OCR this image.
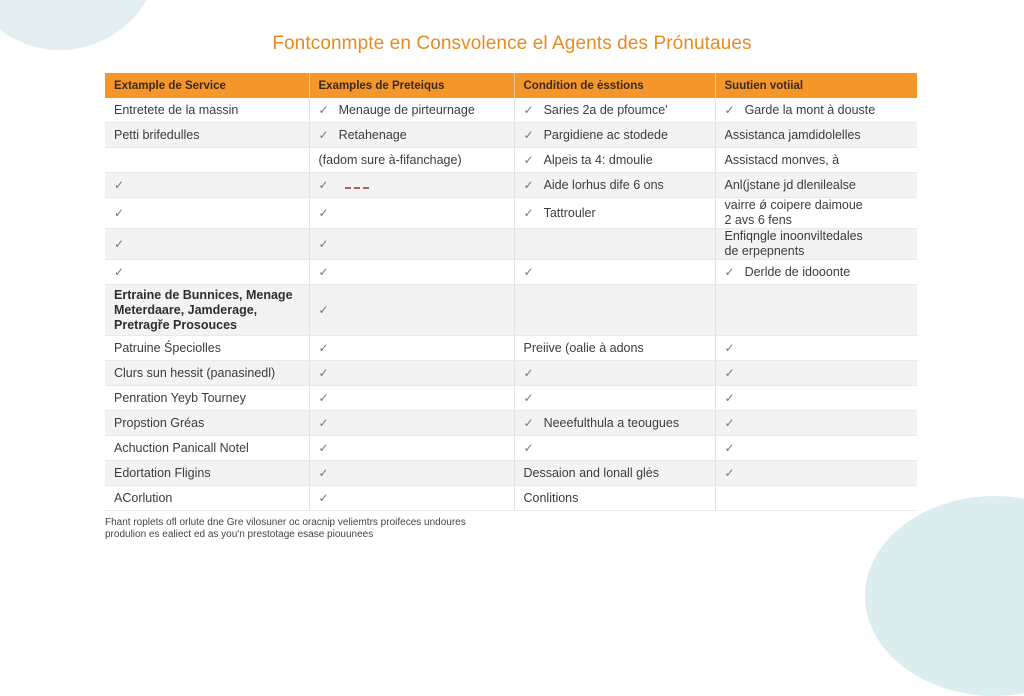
Fontconmpte en Consvolence el Agents des Prónutaues
Extample de Service	Examples de Preteiqus	Condition de ėsstions	Suutien votiial
Entretete de la massin	✓ Menauge de pirteurnage	✓ Saries 2a de pfoumce'	✓ Garde la mont à douste
Petti brifedulles	✓ Retahenage	✓ Pargidiene ac stodede	Assistanca jamdidolelles
	(fadom sure à-fifanchage)	✓ Alpeis ta 4: dmoulie	Assistacd monves, à
✓	✓	✓ Aide lorhus dife 6 ons	Anl(jstane jd dlenilealse
✓	✓	✓ Tattrouler	vairre ǿ coipere daimoue
2 avs 6 fens

✓	✓		Enfiqngle inoonviltedales
de erpepnents

✓	✓	✓	✓ Derlde de idooonte

Ertraine de Bunnices, Menage
Meterdaare, Jamderage,
Pretragře Prosouces	✓		
Patruine Śpeciolles	✓	Preiive (oalie à adons	✓
Clurs sun hessit (panasinedl)	✓	✓	✓
Penration Yeyb Tourney	✓	✓	✓
Propstion Gréas	✓	✓ Neeefulthula a teougues	✓
Achuction Panicall Notel	✓	✓	✓
Edortation Fligins	✓	Dessaion and lonall glės	✓
ACorlution	✓	Conlitions	
Fhant roplets ofl orlute dne Gre vilosuner oc oracnip veliemtrs proifeces undoures
produlion es ealiect ed as you'n prestotage esase piouunees
